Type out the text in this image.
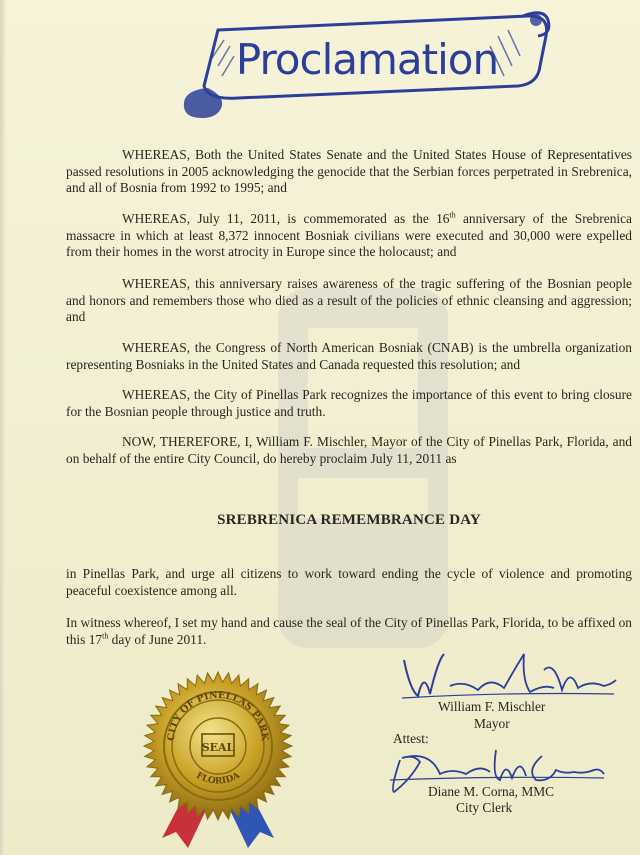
Proclamation

WHEREAS, Both the United States Senate and the United States House of Representatives passed resolutions in 2005 acknowledging the genocide that the Serbian forces perpetrated in Srebrenica, and all of Bosnia from 1992 to 1995; and

WHEREAS, July 11, 2011, is commemorated as the 16th anniversary of the Srebrenica massacre in which at least 8,372 innocent Bosniak civilians were executed and 30,000 were expelled from their homes in the worst atrocity in Europe since the holocaust; and

WHEREAS, this anniversary raises awareness of the tragic suffering of the Bosnian people and honors and remembers those who died as a result of the policies of ethnic cleansing and aggression; and

WHEREAS, the Congress of North American Bosniak (CNAB) is the umbrella organization representing Bosniaks in the United States and Canada requested this resolution; and

WHEREAS, the City of Pinellas Park recognizes the importance of this event to bring closure for the Bosnian people through justice and truth.

NOW, THEREFORE, I, William F. Mischler, Mayor of the City of Pinellas Park, Florida, and on behalf of the entire City Council, do hereby proclaim July 11, 2011 as

SREBRENICA REMEMBRANCE DAY

in Pinellas Park, and urge all citizens to work toward ending the cycle of violence and promoting peaceful coexistence among all.

In witness whereof, I set my hand and cause the seal of the City of Pinellas Park, Florida, to be affixed on this 17th day of June 2011.

CITY OF PINELLAS PARK
FLORIDA
SEAL
William F. Mischler
Mayor
Attest:
Diane M. Corna, MMC
City Clerk
